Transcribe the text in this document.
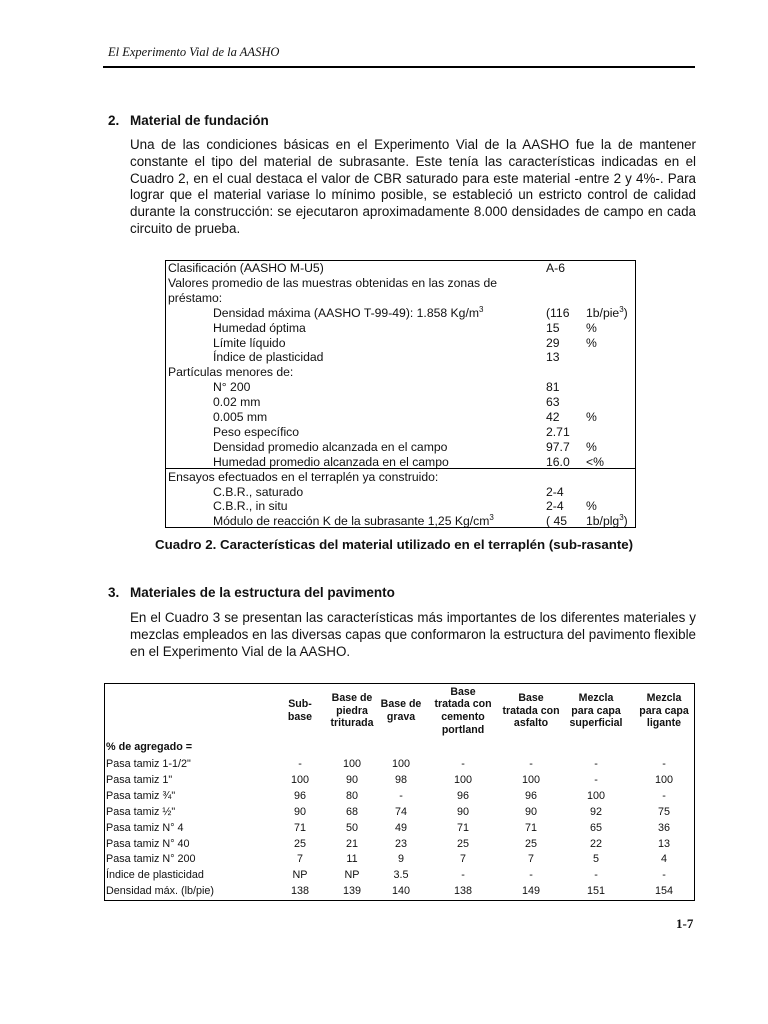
El Experimento Vial de la AASHO
2. Material de fundación
Una de las condiciones básicas en el Experimento Vial de la AASHO fue la de mantener constante el tipo del material de subrasante. Este tenía las características indicadas en el Cuadro 2, en el cual destaca el valor de CBR saturado para este material -entre 2 y 4%-. Para lograr que el material variase lo mínimo posible, se estableció un estricto control de calidad durante la construcción: se ejecutaron aproximadamente 8.000 densidades de campo en cada circuito de prueba.
Cuadro 2. Características del material utilizado en el terraplén (sub-rasante)
3. Materiales de la estructura del pavimento
En el Cuadro 3 se presentan las características más importantes de los diferentes materiales y mezclas empleados en las diversas capas que conformaron la estructura del pavimento flexible en el Experimento Vial de la AASHO.
% de agregado =
1-7
Clasificación (AASHO M-U5)	A-6
Valores promedio de las muestras obtenidas en las zonas de
préstamo:
Densidad máxima (AASHO T-99-49): 1.858 $Kg/m^3$	(116 1b/pie$^3$)
Humedad óptima	15 %
Límite líquido	29 %
Índice de plasticidad	13
Partículas menores de:
N° 200	81
0.02 mm	63
0.005 mm	42 %
Peso específico	2.71
Densidad promedio alcanzada en el campo	97.7 %
Humedad promedio alcanzada en el campo	16.0 <%
Ensayos efectuados en el terraplén ya construido:
C.B.R., saturado	2-4
C.B.R., in situ	2-4 %
Módulo de reacción K de la subrasante 1,25 $Kg/cm^3$	( 45 1b/plg$^3$)
Sub-
base
Base de
piedra
triturada
Base de
grava
Base
tratada con
cemento
portland
Base
tratada con
asfalto
Mezcla
para capa
superficial
Mezcla
para capa
ligante
Pasa tamiz 1-1/2"	-	100	100	-	-	-	-
Pasa tamiz 1"	100	90	98	100	100	-	100
Pasa tamiz ¾"	96	80	-	96	96	100	-
Pasa tamiz ½"	90	68	74	90	90	92	75
Pasa tamiz N° 4	71	50	49	71	71	65	36
Pasa tamiz N° 40	25	21	23	25	25	22	13
Pasa tamiz N° 200	7	11	9	7	7	5	4
Índice de plasticidad	NP	NP	3.5	-	-	-	-
Densidad máx. (lb/pie)	138	139	140	138	149	151	154
